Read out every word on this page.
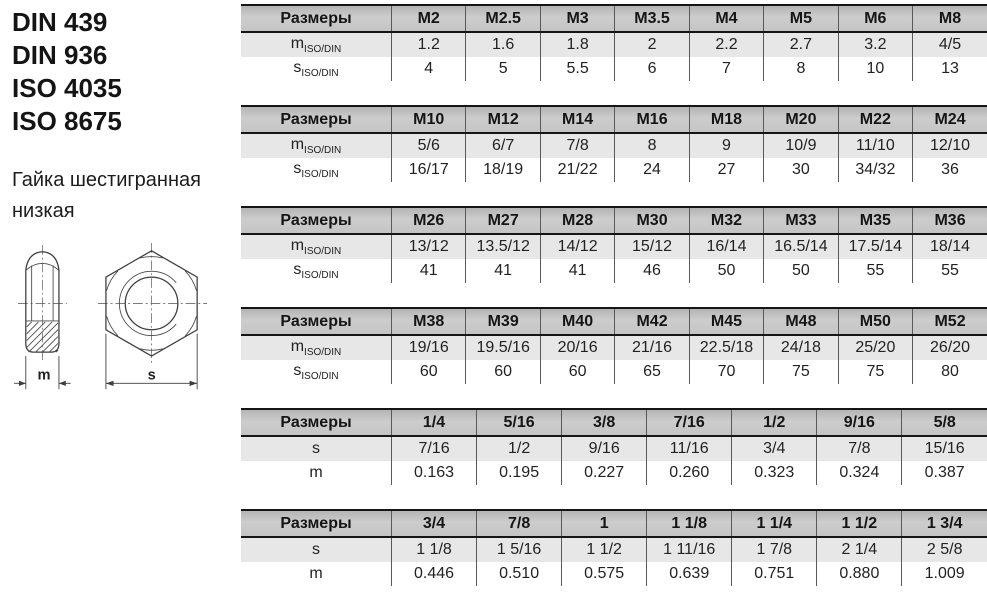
DIN 439
DIN 936
ISO 4035
ISO 8675
Гайка шестигранная
низкая
m	s
Размеры	M2	M2.5	M3	M3.5	M4	M5	M6	M8
$m_{ISO/DIN}$	1.2	1.6	1.8	2	2.2	2.7	3.2	4/5
$s_{ISO/DIN}$	4	5	5.5	6	7	8	10	13
Размеры	M10	M12	M14	M16	M18	M20	M22	M24
$m_{ISO/DIN}$	5/6	6/7	7/8	8	9	10/9	11/10	12/10
$s_{ISO/DIN}$	16/17	18/19	21/22	24	27	30	34/32	36
Размеры	M26	M27	M28	M30	M32	M33	M35	M36
$m_{ISO/DIN}$	13/12	13.5/12	14/12	15/12	16/14	16.5/14	17.5/14	18/14
$s_{ISO/DIN}$	41	41	41	46	50	50	55	55
Размеры	M38	M39	M40	M42	M45	M48	M50	M52
$m_{ISO/DIN}$	19/16	19.5/16	20/16	21/16	22.5/18	24/18	25/20	26/20
$s_{ISO/DIN}$	60	60	60	65	70	75	75	80
Размеры	1/4	5/16	3/8	7/16	1/2	9/16	5/8
s	7/16	1/2	9/16	11/16	3/4	7/8	15/16
m	0.163	0.195	0.227	0.260	0.323	0.324	0.387
Размеры	3/4	7/8	1	1 1/8	1 1/4	1 1/2	1 3/4
s	1 1/8	1 5/16	1 1/2	1 11/16	1 7/8	2 1/4	2 5/8
m	0.446	0.510	0.575	0.639	0.751	0.880	1.009
